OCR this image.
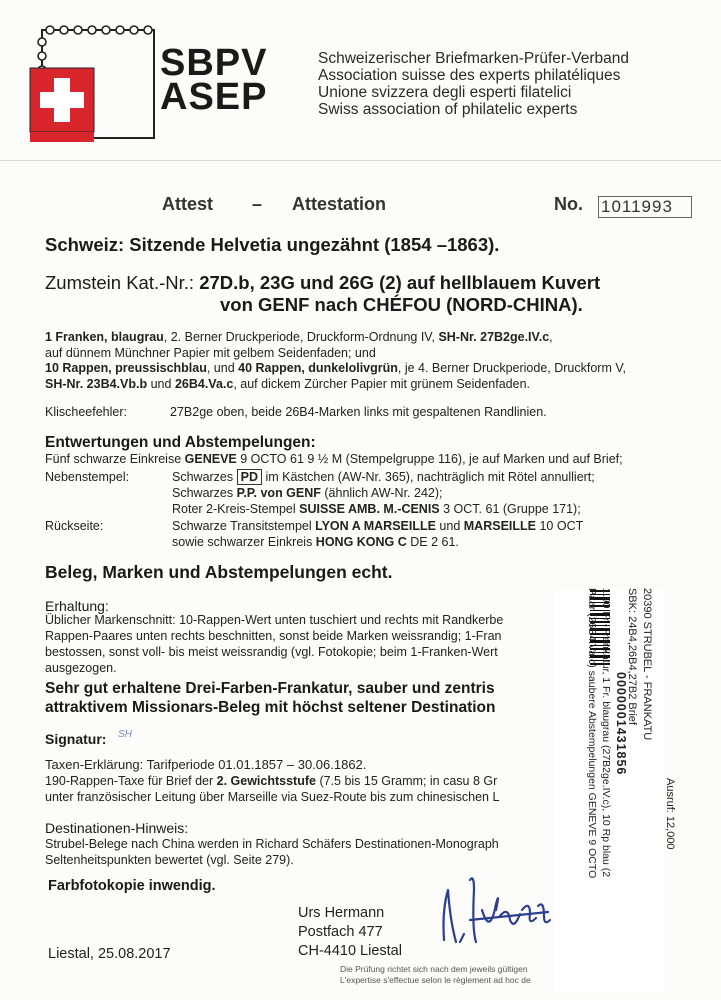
SBPV
ASEP
Schweizerischer Briefmarken-Prüfer-Verband
Association suisse des experts philatéliques
Unione svizzera degli esperti filatelici
Swiss association of philatelic experts
Attest – Attestation	No. 1011993
Schweiz: Sitzende Helvetia ungezähnt (1854 –1863).
Zumstein Kat.-Nr.: 27D.b, 23G und 26G (2) auf hellblauem Kuvert
von GENF nach CHÉFOU (NORD-CHINA).
1 Franken, blaugrau, 2. Berner Druckperiode, Druckform-Ordnung IV, SH-Nr. 27B2ge.IV.c,
auf dünnem Münchner Papier mit gelbem Seidenfaden; und
10 Rappen, preussischblau, und 40 Rappen, dunkelolivgrün, je 4. Berner Druckperiode, Druckform V,
SH-Nr. 23B4.Vb.b und 26B4.Va.c, auf dickem Zürcher Papier mit grünem Seidenfaden.
Klischeefehler:	27B2ge oben, beide 26B4-Marken links mit gespaltenen Randlinien.
Entwertungen und Abstempelungen:
Fünf schwarze Einkreise GENEVE 9 OCTO 61 9 ½ M (Stempelgruppe 116), je auf Marken und auf Brief;
Nebenstempel:	Schwarzes PD im Kästchen (AW-Nr. 365), nachträglich mit Rötel annulliert;
Schwarzes P.P. von GENF (ähnlich AW-Nr. 242);
Roter 2-Kreis-Stempel SUISSE AMB. M.-CENIS 3 OCT. 61 (Gruppe 171);
Rückseite:	Schwarze Transitstempel LYON A MARSEILLE und MARSEILLE 10 OCT
sowie schwarzer Einkreis HONG KONG C DE 2 61.
Beleg, Marken und Abstempelungen echt.
Erhaltung:
Üblicher Markenschnitt: 10-Rappen-Wert unten tuschiert und rechts mit Randkerbe
Rappen-Paares unten rechts beschnitten, sonst beide Marken weissrandig; 1-Fran
bestossen, sonst voll- bis meist weissrandig (vgl. Fotokopie; beim 1-Franken-Wert
ausgezogen.
Sehr gut erhaltene Drei-Farben-Frankatur, sauber und zentris
attraktivem Missionars-Beleg mit höchst seltener Destination
Signatur: SH
Taxen-Erklärung: Tarifperiode 01.01.1857 – 30.06.1862.
190-Rappen-Taxe für Brief der 2. Gewichtsstufe (7.5 bis 15 Gramm; in casu 8 Gr
unter französischer Leitung über Marseille via Suez-Route bis zum chinesischen L
Destinationen-Hinweis:
Strubel-Belege nach China werden in Richard Schäfers Destinationen-Monograph
Seltenheitspunkten bewertet (vgl. Seite 279).
Farbfotokopie inwendig.
Urs Hermann
Postfach 477
CH-4410 Liestal
Liestal, 25.08.2017
Die Prüfung richtet sich nach dem jeweils gültigen
L'expertise s'effectue selon le règlement ad hoc de
0000001431856 20390 STRUBEL - FRANKATU
SBK: 24B4,26B4,27B2 Brief
1.90 Fr.-Frankatur, 1 Fr. blaugrau (27B2ge.IV.c), 10 Rp blau (2
Paar (26B4.Va.c) saubere Abstempelungen GENEVE 9 OCTO	Ausruf: 12,000
